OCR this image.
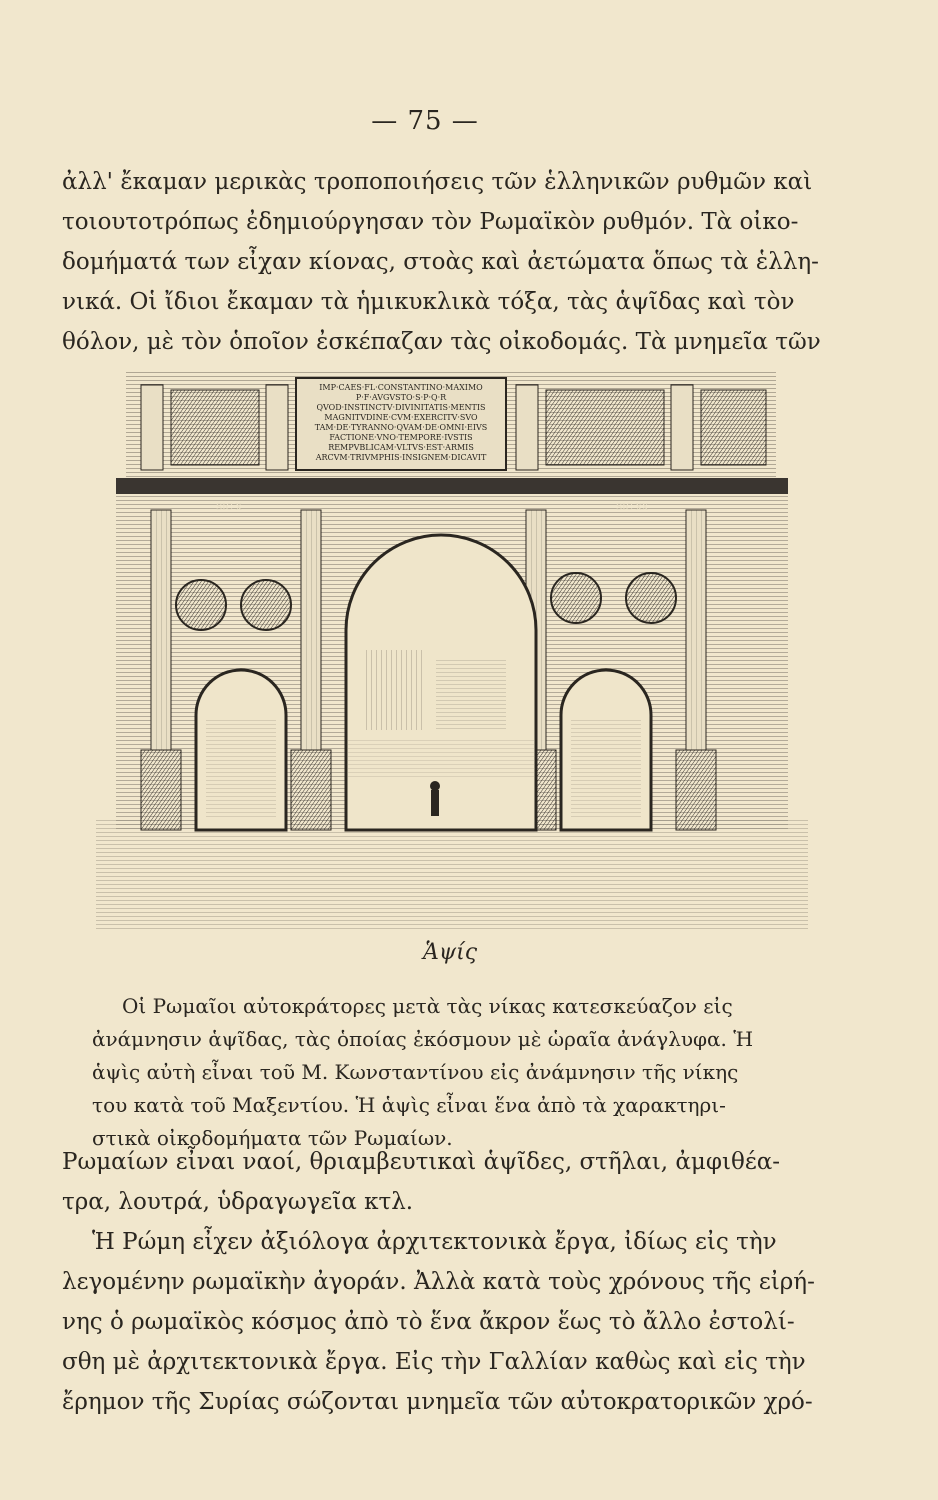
— 75 —

ἀλλ' ἔκαμαν μερικὰς τροποποιήσεις τῶν ἑλληνικῶν ρυθμῶν καὶ
τοιουτοτρόπως ἐδημιούργησαν τὸν Ρωμαϊκὸν ρυθμόν. Τὰ οἰκο-
δομήματά των εἶχαν κίονας, στοὰς καὶ ἀετώματα ὅπως τὰ ἑλλη-
νικά. Οἱ ἴδιοι ἔκαμαν τὰ ἡμικυκλικὰ τόξα, τὰς ἁψῖδας καὶ τὸν
θόλον, μὲ τὸν ὁποῖον ἐσκέπαζαν τὰς οἰκοδομάς. Τὰ μνημεῖα τῶν

IMP·CAES·FL·CONSTANTINO·MAXIMO
P·F·AVGVSTO·S·P·Q·R
QVOD·INSTINCTV·DIVINITATIS·MENTIS
MAGNITVDINE·CVM·EXERCITV·SVO
TAM·DE·TYRANNO·QVAM·DE·OMNI·EIVS
FACTIONE·VNO·TEMPORE·IVSTIS
REMPVBLICAM·VLTVS·EST·ARMIS
ARCVM·TRIVMPHIS·INSIGNEM·DICAVIT
SIC X	SIC XX
Ἁψίς

Οἱ Ρωμαῖοι αὐτοκράτορες μετὰ τὰς νίκας κατεσκεύαζον εἰς
ἀνάμνησιν ἁψῖδας, τὰς ὁποίας ἐκόσμουν μὲ ὡραῖα ἀνάγλυφα. Ἡ
ἁψὶς αὐτὴ εἶναι τοῦ Μ. Κωνσταντίνου εἰς ἀνάμνησιν τῆς νίκης
του κατὰ τοῦ Μαξεντίου. Ἡ ἁψὶς εἶναι ἕνα ἀπὸ τὰ χαρακτηρι-
στικὰ οἰκοδομήματα τῶν Ρωμαίων.

Ρωμαίων εἶναι ναοί, θριαμβευτικαὶ ἁψῖδες, στῆλαι, ἀμφιθέα-
τρα, λουτρά, ὑδραγωγεῖα κτλ.

Ἡ Ρώμη εἶχεν ἀξιόλογα ἀρχιτεκτονικὰ ἔργα, ἰδίως εἰς τὴν
λεγομένην ρωμαϊκὴν ἀγοράν. Ἀλλὰ κατὰ τοὺς χρόνους τῆς εἰρή-
νης ὁ ρωμαϊκὸς κόσμος ἀπὸ τὸ ἕνα ἄκρον ἕως τὸ ἄλλο ἐστολί-
σθη μὲ ἀρχιτεκτονικὰ ἔργα. Εἰς τὴν Γαλλίαν καθὼς καὶ εἰς τὴν
ἔρημον τῆς Συρίας σώζονται μνημεῖα τῶν αὐτοκρατορικῶν χρό-
